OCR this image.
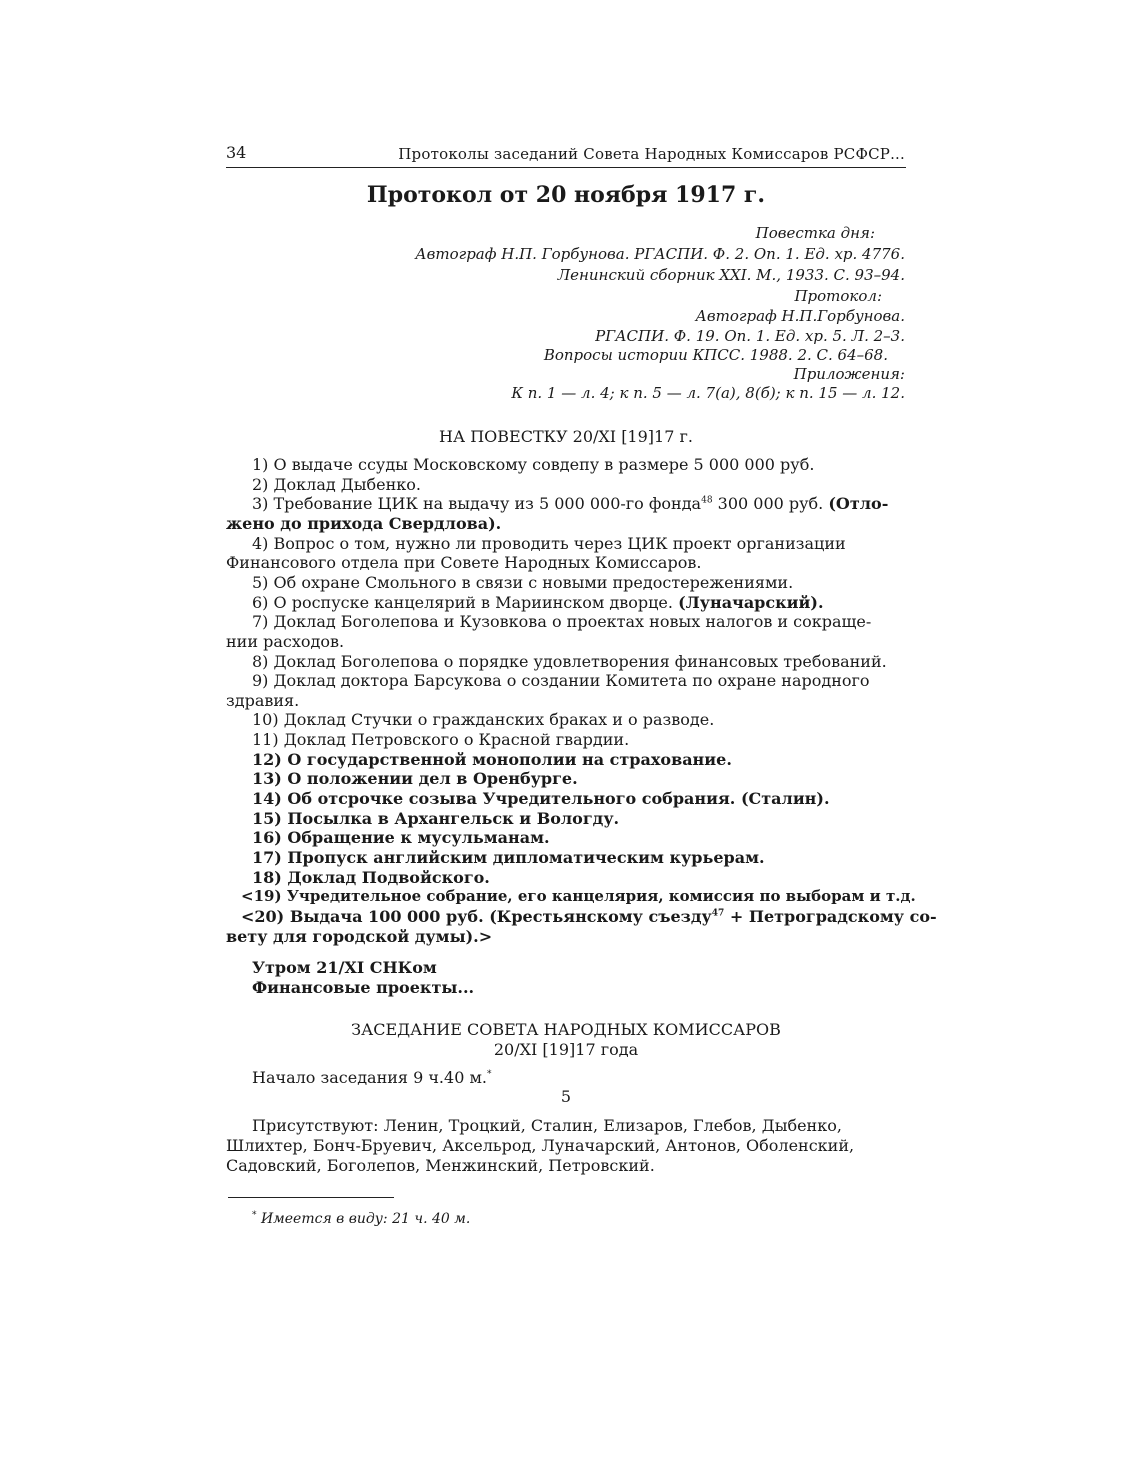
34	Протоколы заседаний Совета Народных Комиссаров РСФСР...
Протокол от 20 ноября 1917 г.
Повестка дня:
Автограф Н.П. Горбунова. РГАСПИ. Ф. 2. Оп. 1. Ед. хр. 4776.
Ленинский сборник XXI. М., 1933. С. 93–94.
Протокол:
Автограф Н.П.Горбунова.
РГАСПИ. Ф. 19. Оп. 1. Ед. хр. 5. Л. 2–3.
Вопросы истории КПСС. 1988. 2. С. 64–68.
Приложения:
К п. 1 — л. 4; к п. 5 — л. 7(а), 8(б); к п. 15 — л. 12.
НА ПОВЕСТКУ 20/XI [19]17 г.
1) О выдаче ссуды Московскому совдепу в размере 5 000 000 руб.
2) Доклад Дыбенко.
3) Требование ЦИК на выдачу из 5 000 000-го фонда$^{48}$ 300 000 руб. (Отло-
жено до прихода Свердлова).
4) Вопрос о том, нужно ли проводить через ЦИК проект организации
Финансового отдела при Совете Народных Комиссаров.
5) Об охране Смольного в связи с новыми предостережениями.
6) О роспуске канцелярий в Мариинском дворце. (Луначарский).
7) Доклад Боголепова и Кузовкова о проектах новых налогов и сокраще-
нии расходов.
8) Доклад Боголепова о порядке удовлетворения финансовых требований.
9) Доклад доктора Барсукова о создании Комитета по охране народного
здравия.
10) Доклад Стучки о гражданских браках и о разводе.
11) Доклад Петровского о Красной гвардии.
12) О государственной монополии на страхование.
13) О положении дел в Оренбурге.
14) Об отсрочке созыва Учредительного собрания. (Сталин).
15) Посылка в Архангельск и Вологду.
16) Обращение к мусульманам.
17) Пропуск английским дипломатическим курьерам.
18) Доклад Подвойского.
<19) Учредительное собрание, его канцелярия, комиссия по выборам и т.д.
<20) Выдача 100 000 руб. (Крестьянскому съезду$^{47}$ + Петроградскому со-
вету для городской думы).>
Утром 21/XI СНКом
Финансовые проекты...
ЗАСЕДАНИЕ СОВЕТА НАРОДНЫХ КОМИССАРОВ
20/XI [19]17 года
Начало заседания 9 ч.40 м.*
5
Присутствуют: Ленин, Троцкий, Сталин, Елизаров, Глебов, Дыбенко,
Шлихтер, Бонч-Бруевич, Аксельрод, Луначарский, Антонов, Оболенский,
Садовский, Боголепов, Менжинский, Петровский.
* Имеется в виду: 21 ч. 40 м.
